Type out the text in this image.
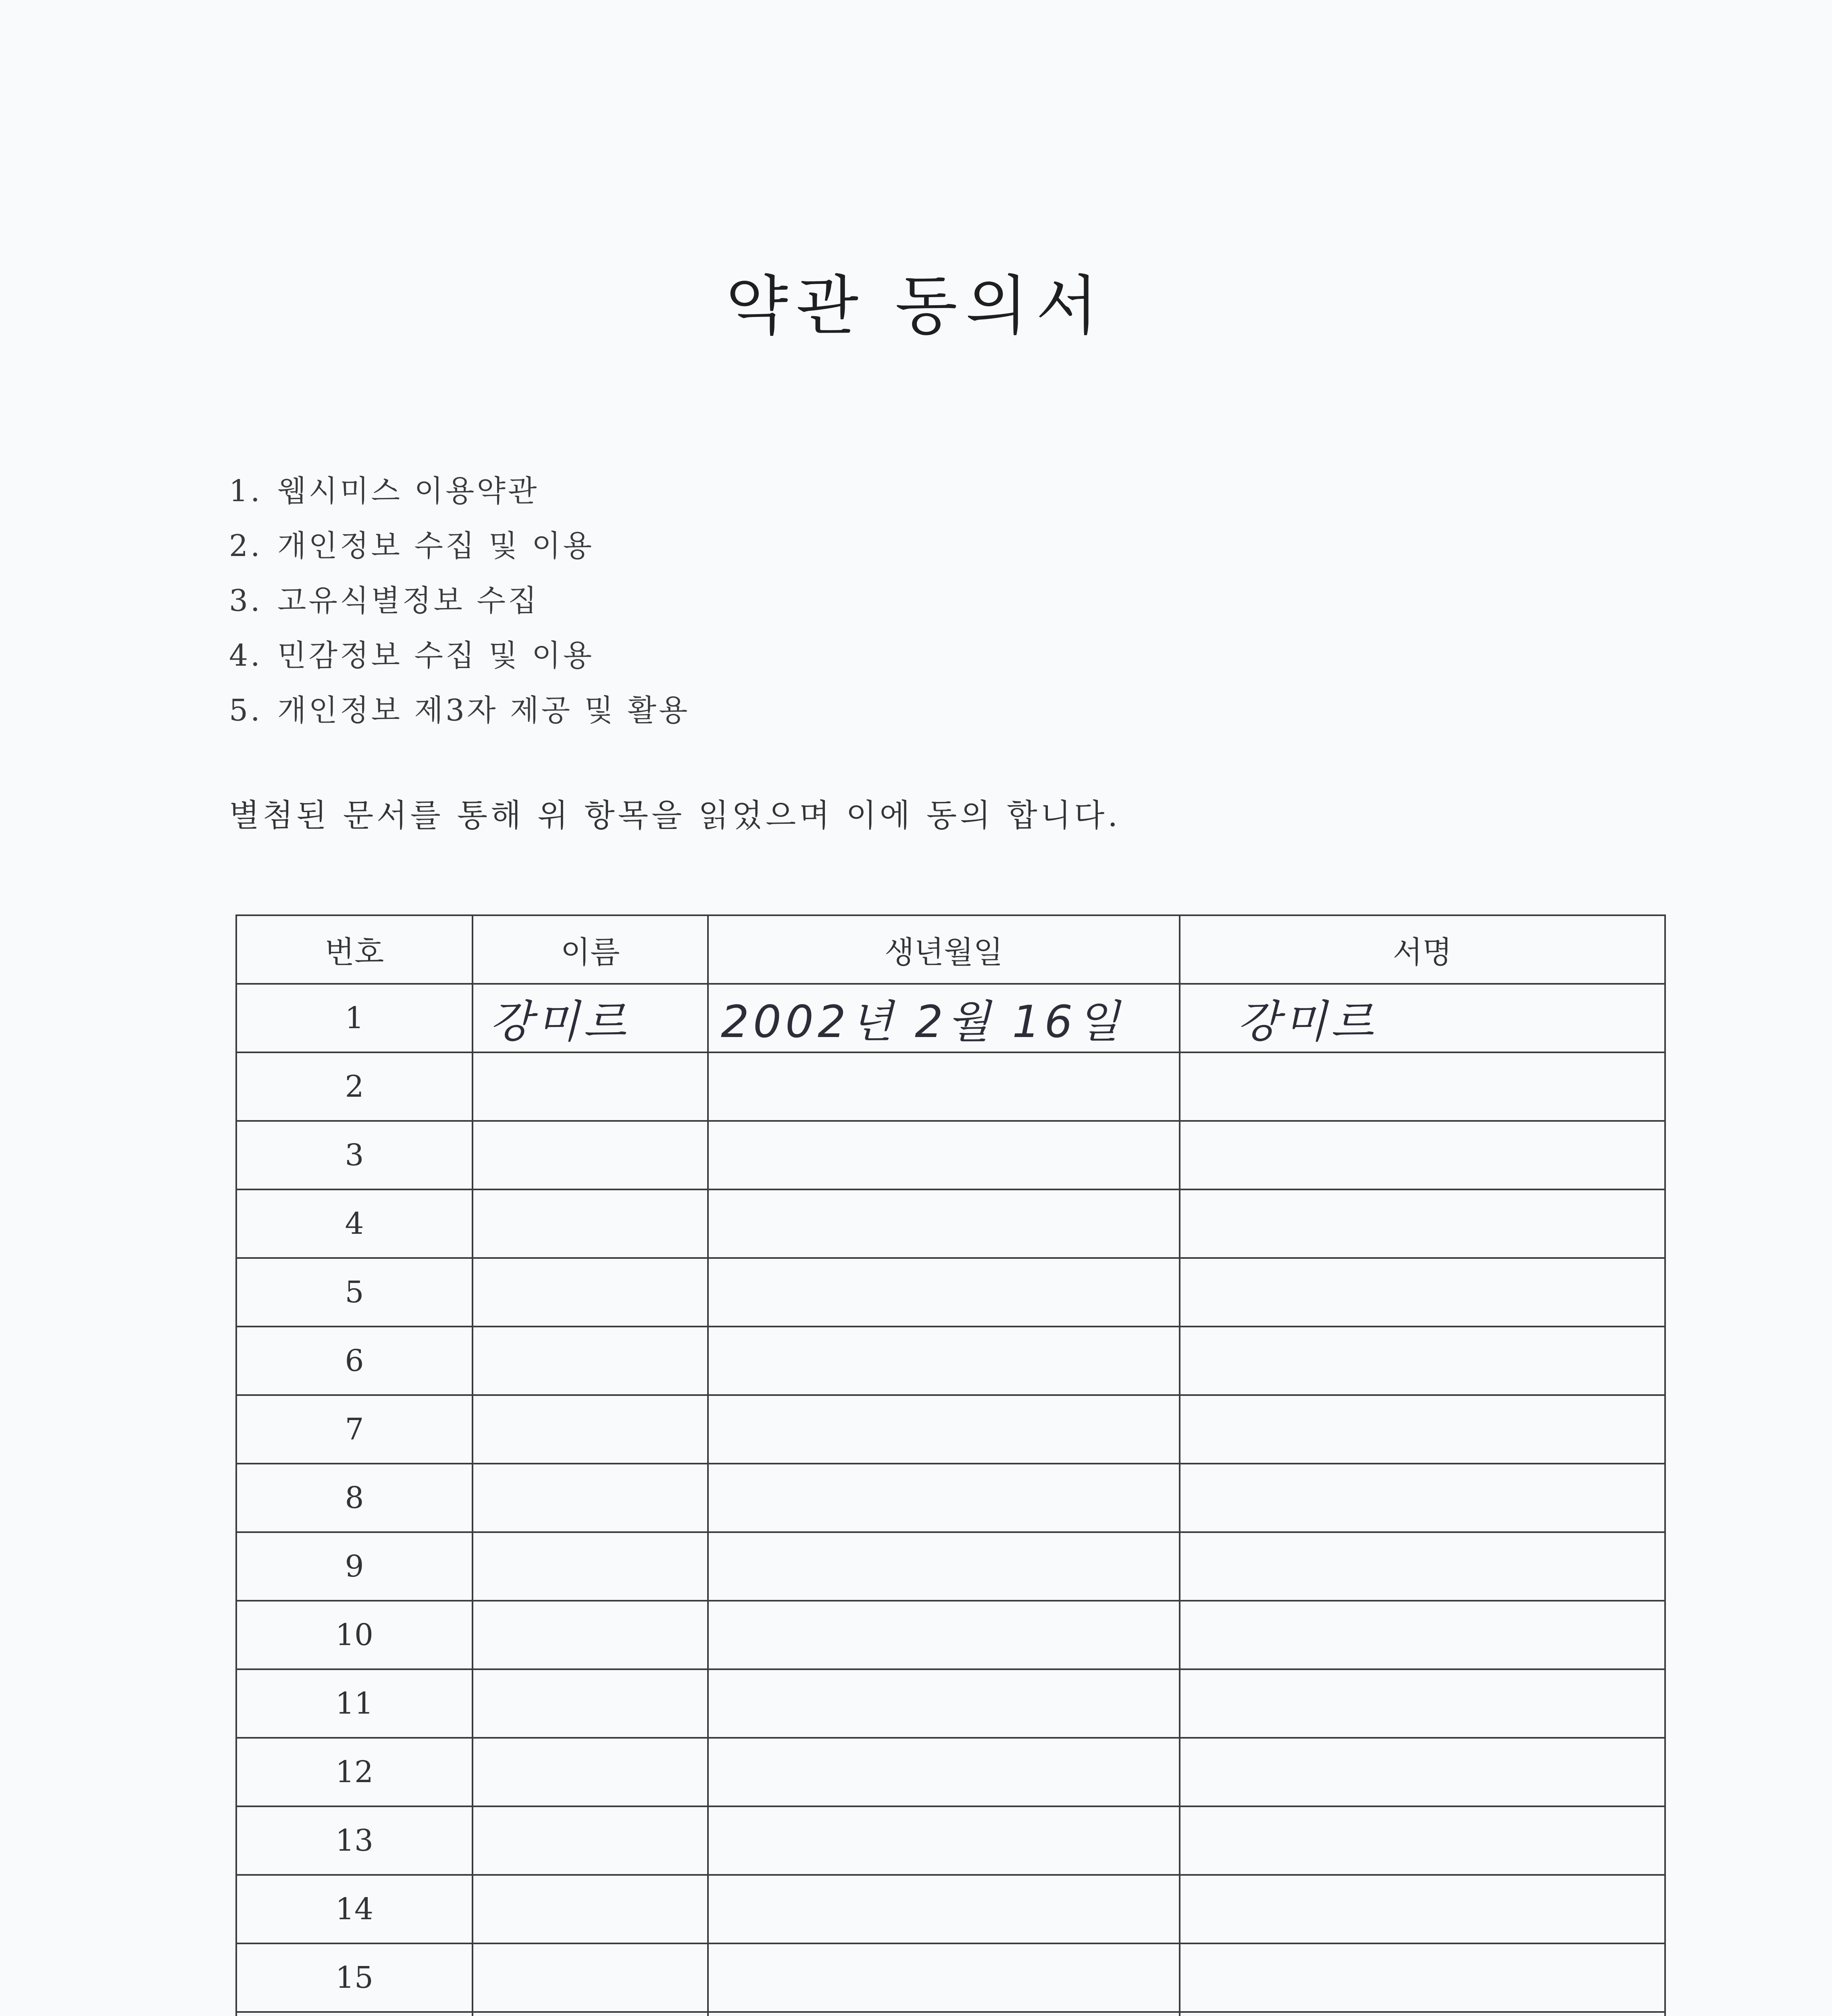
약관 동의서
1. 웹시미스 이용약관
2. 개인정보 수집 및 이용
3. 고유식별정보 수집
4. 민감정보 수집 및 이용
5. 개인정보 제3자 제공 및 활용
별첨된 문서를 통해 위 항목을 읽었으며 이에 동의 합니다.
번호	이름	생년월일	서명
1	강미르	2002년 2월 16일	강미르
2			
3			
4			
5			
6			
7			
8			
9			
10			
11			
12			
13			
14			
15			
